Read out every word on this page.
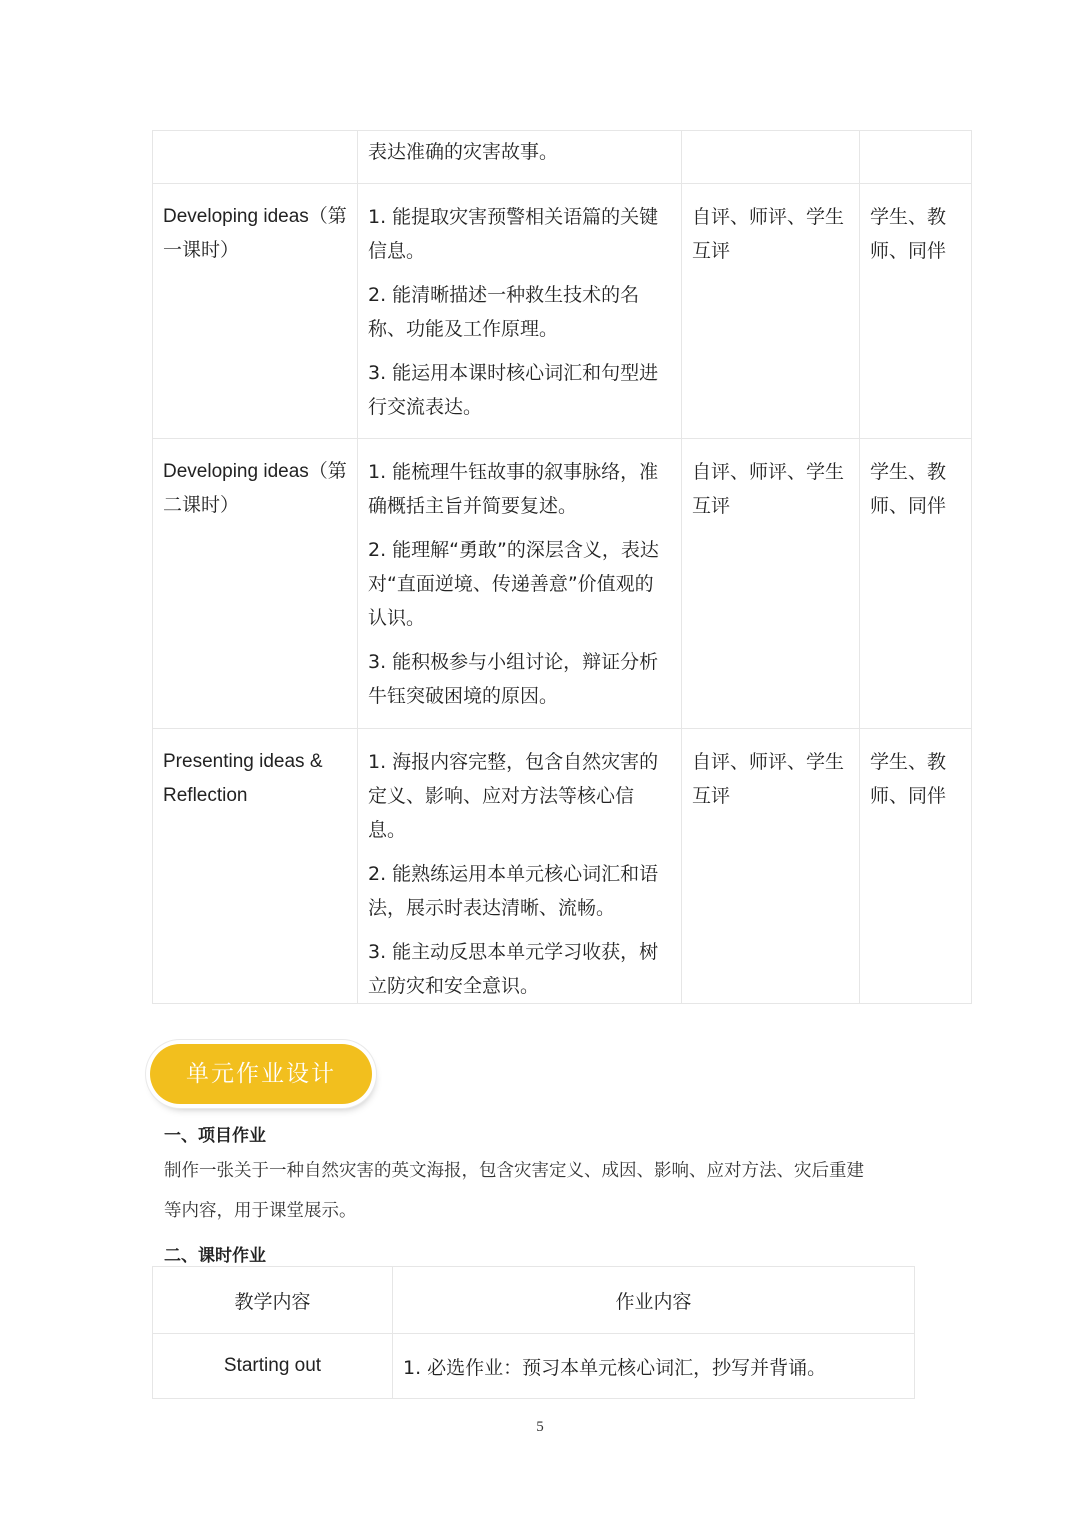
	表达准确的灾害故事。		

Developing ideas（第一课时）	1. 能提取灾害预警相关语篇的关键信息。

2. 能清晰描述一种救生技术的名称、功能及工作原理。

3. 能运用本课时核心词汇和句型进行交流表达。	自评、师评、学生互评	学生、教师、同伴
Developing ideas（第二课时）	1. 能梳理牛钰故事的叙事脉络，准确概括主旨并简要复述。

2. 能理解“勇敢”的深层含义，表达对“直面逆境、传递善意”价值观的认识。

3. 能积极参与小组讨论，辩证分析牛钰突破困境的原因。	自评、师评、学生互评	学生、教师、同伴
Presenting ideas & Reflection	1. 海报内容完整，包含自然灾害的定义、影响、应对方法等核心信息。

2. 能熟练运用本单元核心词汇和语法，展示时表达清晰、流畅。

3. 能主动反思本单元学习收获，树立防灾和安全意识。	自评、师评、学生互评	学生、教师、同伴
单元作业设计
一、项目作业
制作一张关于一种自然灾害的英文海报，包含灾害定义、成因、影响、应对方法、灾后重建
等内容，用于课堂展示。
二、课时作业
教学内容	作业内容
Starting out	1. 必选作业：预习本单元核心词汇，抄写并背诵。
5
